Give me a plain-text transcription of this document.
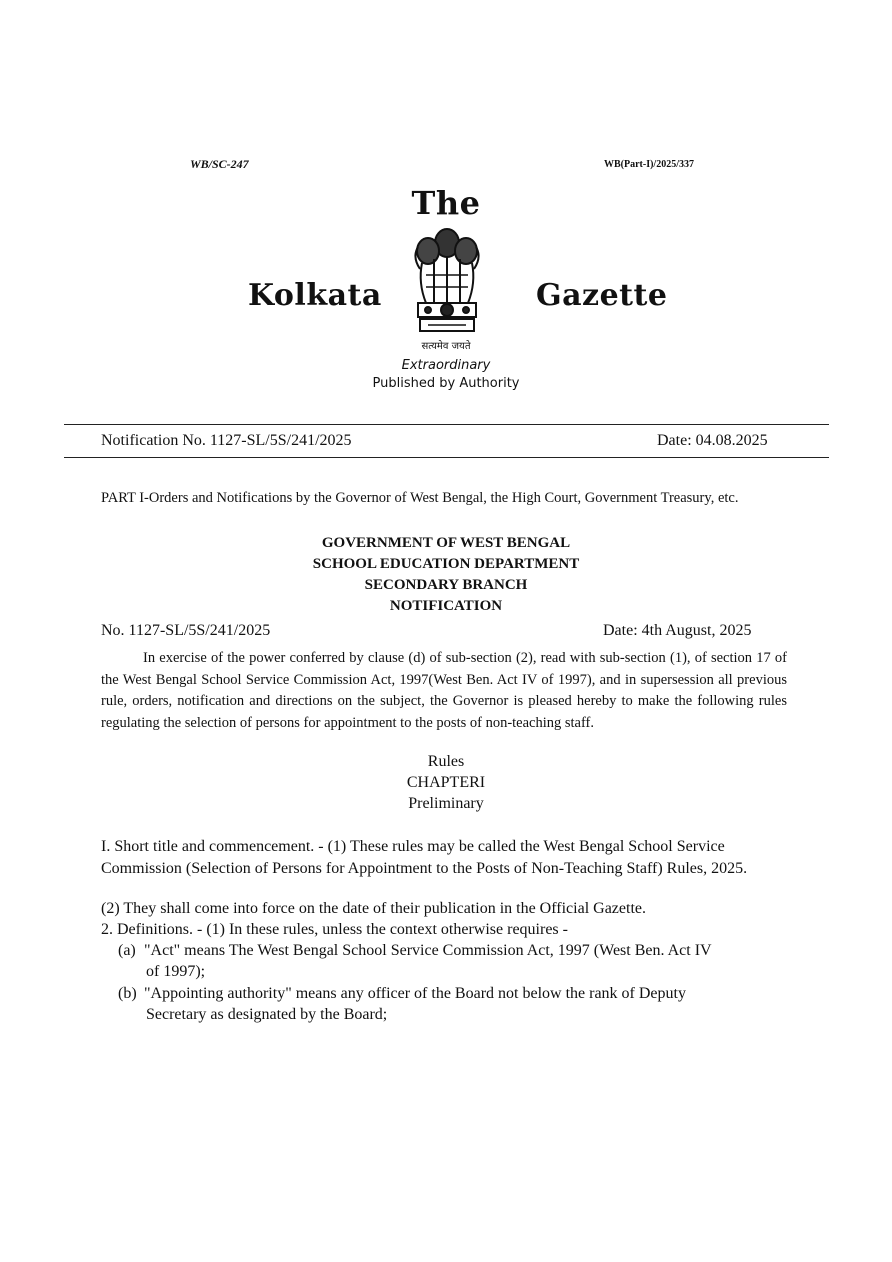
WB/SC-247	WB(Part-I)/2025/337
The
Kolkata	Gazette
सत्यमेव जयते
Extraordinary
Published by Authority
Notification No. 1127-SL/5S/241/2025	Date: 04.08.2025
PART I-Orders and Notifications by the Governor of West Bengal, the High Court, Government Treasury, etc.
GOVERNMENT OF WEST BENGAL
SCHOOL EDUCATION DEPARTMENT
SECONDARY BRANCH
NOTIFICATION
No. 1127-SL/5S/241/2025	Date: 4th August, 2025
In exercise of the power conferred by clause (d) of sub-section (2), read with sub-section (1), of section 17 of the West Bengal School Service Commission Act, 1997(West Ben. Act IV of 1997), and in supersession all previous rule, orders, notification and directions on the subject, the Governor is pleased hereby to make the following rules regulating the selection of persons for appointment to the posts of non-teaching staff.
Rules
CHAPTERI
Preliminary
I. Short title and commencement. - (1) These rules may be called the West Bengal School Service Commission (Selection of Persons for Appointment to the Posts of Non-Teaching Staff) Rules, 2025.
(2) They shall come into force on the date of their publication in the Official Gazette.
2. Definitions. - (1) In these rules, unless the context otherwise requires -
(a) "Act" means The West Bengal School Service Commission Act, 1997 (West Ben. Act IV
of 1997);
(b) "Appointing authority" means any officer of the Board not below the rank of Deputy
Secretary as designated by the Board;
